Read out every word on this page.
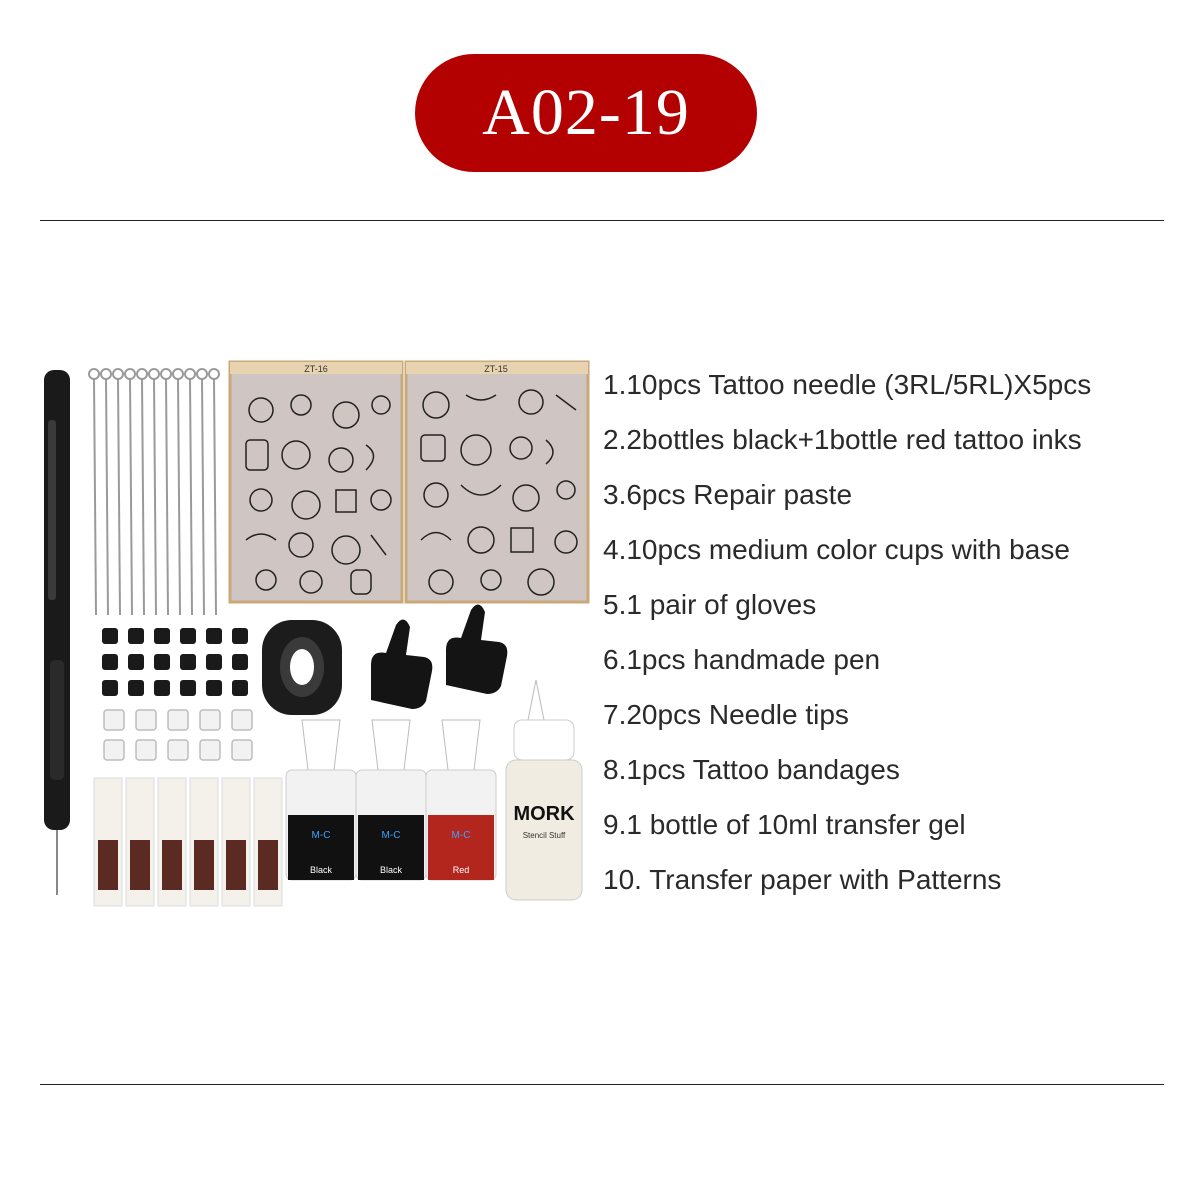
A02-19
ZT-16	ZT-15
M-C
Black
M-C
Black
M-C
Red
MORK
Stencil Stuff
1.10pcs Tattoo needle (3RL/5RL)X5pcs
2.2bottles black+1bottle red tattoo inks
3.6pcs Repair paste
4.10pcs medium color cups with base
5.1 pair of gloves
6.1pcs handmade pen
7.20pcs Needle tips
8.1pcs Tattoo bandages
9.1 bottle of 10ml transfer gel
10. Transfer paper with Patterns
